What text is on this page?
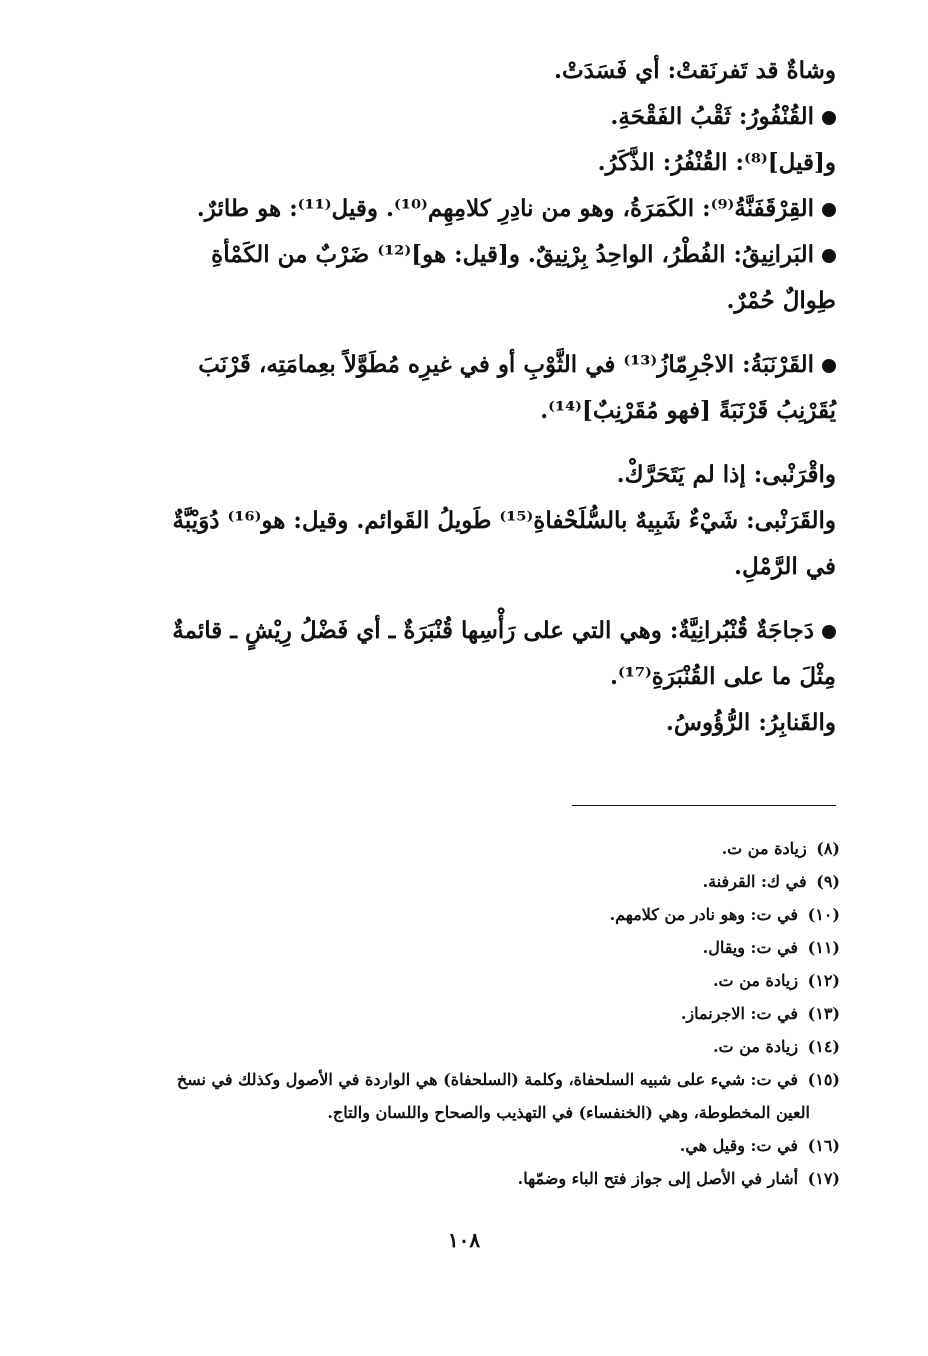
وشاةٌ قد تَفرنَقتْ: أي فَسَدَتْ.
القُنْفُورُ: ثَقْبُ الفَقْحَةِ.
و[قيل]⁽⁸⁾: القُنْفُرُ: الذَّكَرُ.
القِرْقَفَنَّةُ⁽⁹⁾: الكَمَرَةُ، وهو من نادِرِ كلامِهِم⁽¹⁰⁾. وقيل⁽¹¹⁾: هو طائرٌ.
البَرانِيقُ: الفُطْرُ، الواحِدُ بِرْنِيقٌ. و[قيل: هو]⁽¹²⁾ ضَرْبٌ من الكَمْأةِ
طِوالٌ حُمْرٌ.
القَرْنَبَةُ: الاجْرِمّازُ⁽¹³⁾ في الثَّوْبِ أو في غيرِه مُطَوَّلاً بعِمامَتِه، قَرْنَبَ
يُقَرْنِبُ قَرْنَبَةً [فهو مُقَرْنِبٌ]⁽¹⁴⁾.
واقْرَنْبى: إذا لم يَتَحَرَّكْ.
والقَرَنْبى: شَيْءٌ شَبِيهٌ بالسُّلَحْفاةِ⁽¹⁵⁾ طَويلُ القَوائم. وقيل: هو⁽¹⁶⁾ دُوَيْبَّةٌ
في الرَّمْلِ.
دَجاجَةٌ قُنْبُرانِيَّةٌ: وهي التي على رَأْسِها قُنْبَرَةٌ ـ أي فَضْلُ رِيْشٍ ـ قائمةٌ
مِثْلَ ما على القُنْبَرَةِ⁽¹⁷⁾.
والقَنابِرُ: الرُّؤُوسُ.
(٨) زيادة من ت.
(٩) في ك: القرفنة.
(١٠) في ت: وهو نادر من كلامهم.
(١١) في ت: ويقال.
(١٢) زيادة من ت.
(١٣) في ت: الاجرنماز.
(١٤) زيادة من ت.
(١٥) في ت: شيء على شبيه السلحفاة، وكلمة (السلحفاة) هي الواردة في الأصول وكذلك في نسخ
العين المخطوطة، وهي (الخنفساء) في التهذيب والصحاح واللسان والتاج.
(١٦) في ت: وقيل هي.
(١٧) أشار في الأصل إلى جواز فتح الباء وضمّها.
١٠٨
